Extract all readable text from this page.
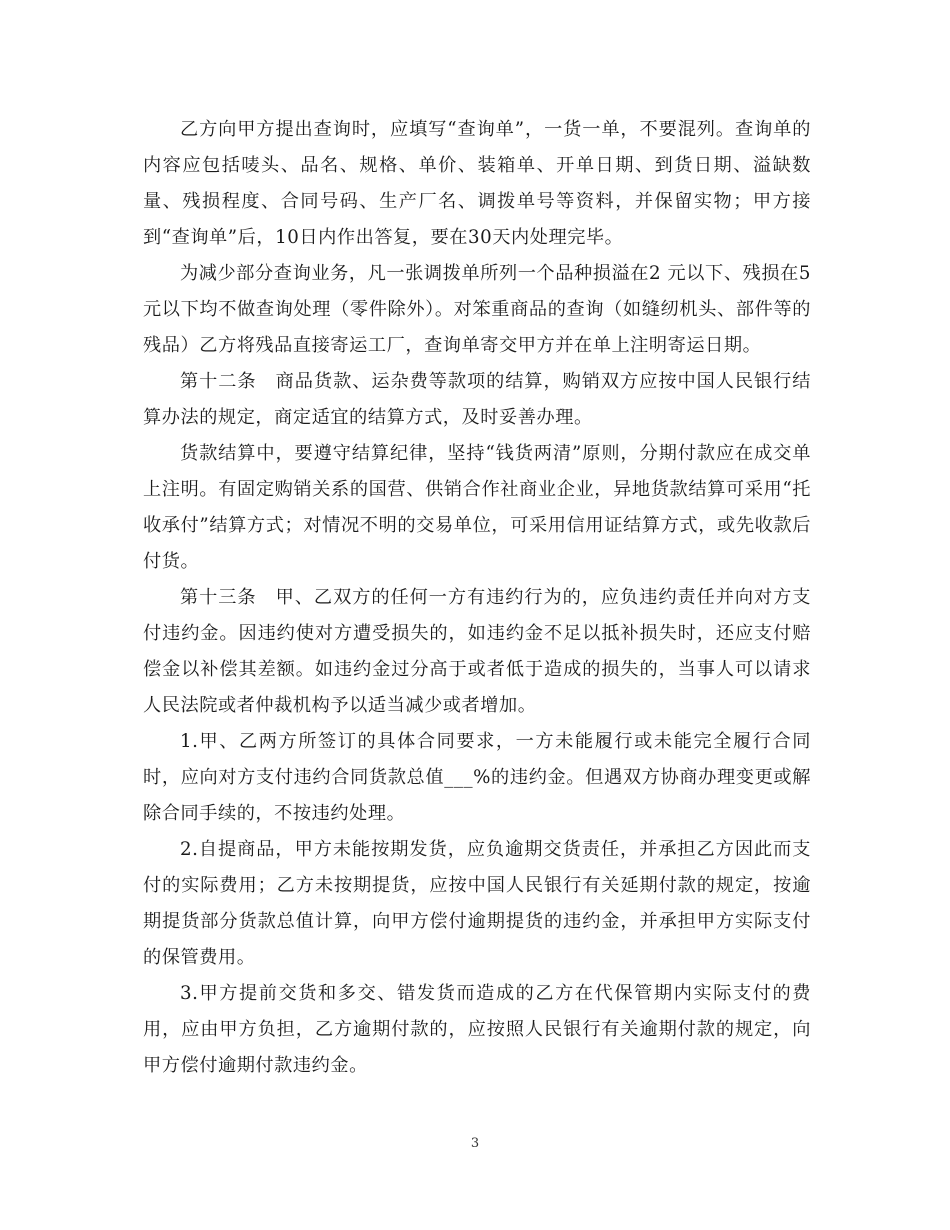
乙方向甲方提出查询时，应填写“查询单”，一货一单，不要混列。查询单的内容应包括唛头、品名、规格、单价、装箱单、开单日期、到货日期、溢缺数量、残损程度、合同号码、生产厂名、调拨单号等资料，并保留实物；甲方接到“查询单”后，10日内作出答复，要在30天内处理完毕。

为减少部分查询业务，凡一张调拨单所列一个品种损溢在2 元以下、残损在5 元以下均不做查询处理（零件除外）。对笨重商品的查询（如缝纫机头、部件等的残品）乙方将残品直接寄运工厂，查询单寄交甲方并在单上注明寄运日期。

第十二条　商品货款、运杂费等款项的结算，购销双方应按中国人民银行结算办法的规定，商定适宜的结算方式，及时妥善办理。

货款结算中，要遵守结算纪律，坚持“钱货两清”原则，分期付款应在成交单上注明。有固定购销关系的国营、供销合作社商业企业，异地货款结算可采用“托收承付”结算方式；对情况不明的交易单位，可采用信用证结算方式，或先收款后付货。

第十三条　甲、乙双方的任何一方有违约行为的，应负违约责任并向对方支付违约金。因违约使对方遭受损失的，如违约金不足以抵补损失时，还应支付赔偿金以补偿其差额。如违约金过分高于或者低于造成的损失的，当事人可以请求人民法院或者仲裁机构予以适当减少或者增加。

1.甲、乙两方所签订的具体合同要求，一方未能履行或未能完全履行合同时，应向对方支付违约合同货款总值___%的违约金。但遇双方协商办理变更或解除合同手续的，不按违约处理。

2.自提商品，甲方未能按期发货，应负逾期交货责任，并承担乙方因此而支付的实际费用；乙方未按期提货，应按中国人民银行有关延期付款的规定，按逾期提货部分货款总值计算，向甲方偿付逾期提货的违约金，并承担甲方实际支付的保管费用。

3.甲方提前交货和多交、错发货而造成的乙方在代保管期内实际支付的费用，应由甲方负担，乙方逾期付款的，应按照人民银行有关逾期付款的规定，向甲方偿付逾期付款违约金。

3
